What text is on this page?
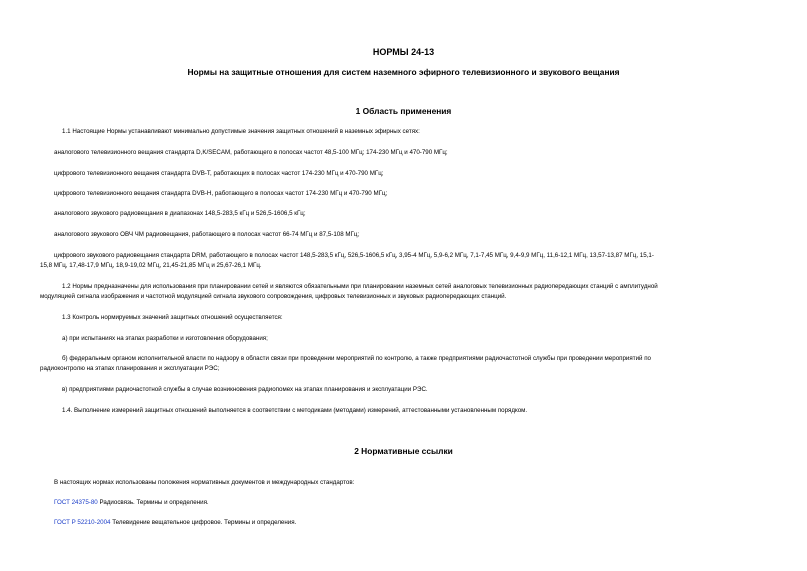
НОРМЫ 24-13
Нормы на защитные отношения для систем наземного эфирного телевизионного и звукового вещания
1 Область применения
1.1 Настоящие Нормы устанавливают минимально допустимые значения защитных отношений в наземных эфирных сетях:
аналогового телевизионного вещания стандарта D,K/SECAM, работающего в полосах частот 48,5-100 МГц; 174-230 МГц и 470-790 МГц;
цифрового телевизионного вещания стандарта DVB-T, работающих в полосах частот 174-230 МГц и 470-790 МГц;
цифрового телевизионного вещания стандарта DVB-H, работающего в полосах частот 174-230 МГц и 470-790 МГц;
аналогового звукового радиовещания в диапазонах 148,5-283,5 кГц и 526,5-1606,5 кГц;
аналогового звукового ОВЧ ЧМ радиовещания, работающего в полосах частот 66-74 МГц и 87,5-108 МГц;
цифрового звукового радиовещания стандарта DRM, работающего в полосах частот 148,5-283,5 кГц, 526,5-1606,5 кГц, 3,95-4 МГц, 5,9-6,2 МГц, 7,1-7,45 МГц, 9,4-9,9 МГц, 11,6-12,1 МГц, 13,57-13,87 МГц, 15,1-
15,8 МГц, 17,48-17,9 МГц, 18,9-19,02 МГц, 21,45-21,85 МГц и 25,67-26,1 МГц.
1.2 Нормы предназначены для использования при планировании сетей и являются обязательными при планировании наземных сетей аналоговых телевизионных радиопередающих станций с амплитудной
модуляцией сигнала изображения и частотной модуляцией сигнала звукового сопровождения, цифровых телевизионных и звуковых радиопередающих станций.
1.3 Контроль нормируемых значений защитных отношений осуществляется:
а) при испытаниях на этапах разработки и изготовления оборудования;
б) федеральным органом исполнительной власти по надзору в области связи при проведении мероприятий по контролю, а также предприятиями радиочастотной службы при проведении мероприятий по
радиоконтролю на этапах планирования и эксплуатации РЭС;
в) предприятиями радиочастотной службы в случае возникновения радиопомех на этапах планирования и эксплуатации РЭС.
1.4. Выполнение измерений защитных отношений выполняется в соответствии с методиками (методами) измерений, аттестованными установленным порядком.
2 Нормативные ссылки
В настоящих нормах использованы положения нормативных документов и международных стандартов:
ГОСТ 24375-80 Радиосвязь. Термины и определения.
ГОСТ Р 52210-2004 Телевидение вещательное цифровое. Термины и определения.
